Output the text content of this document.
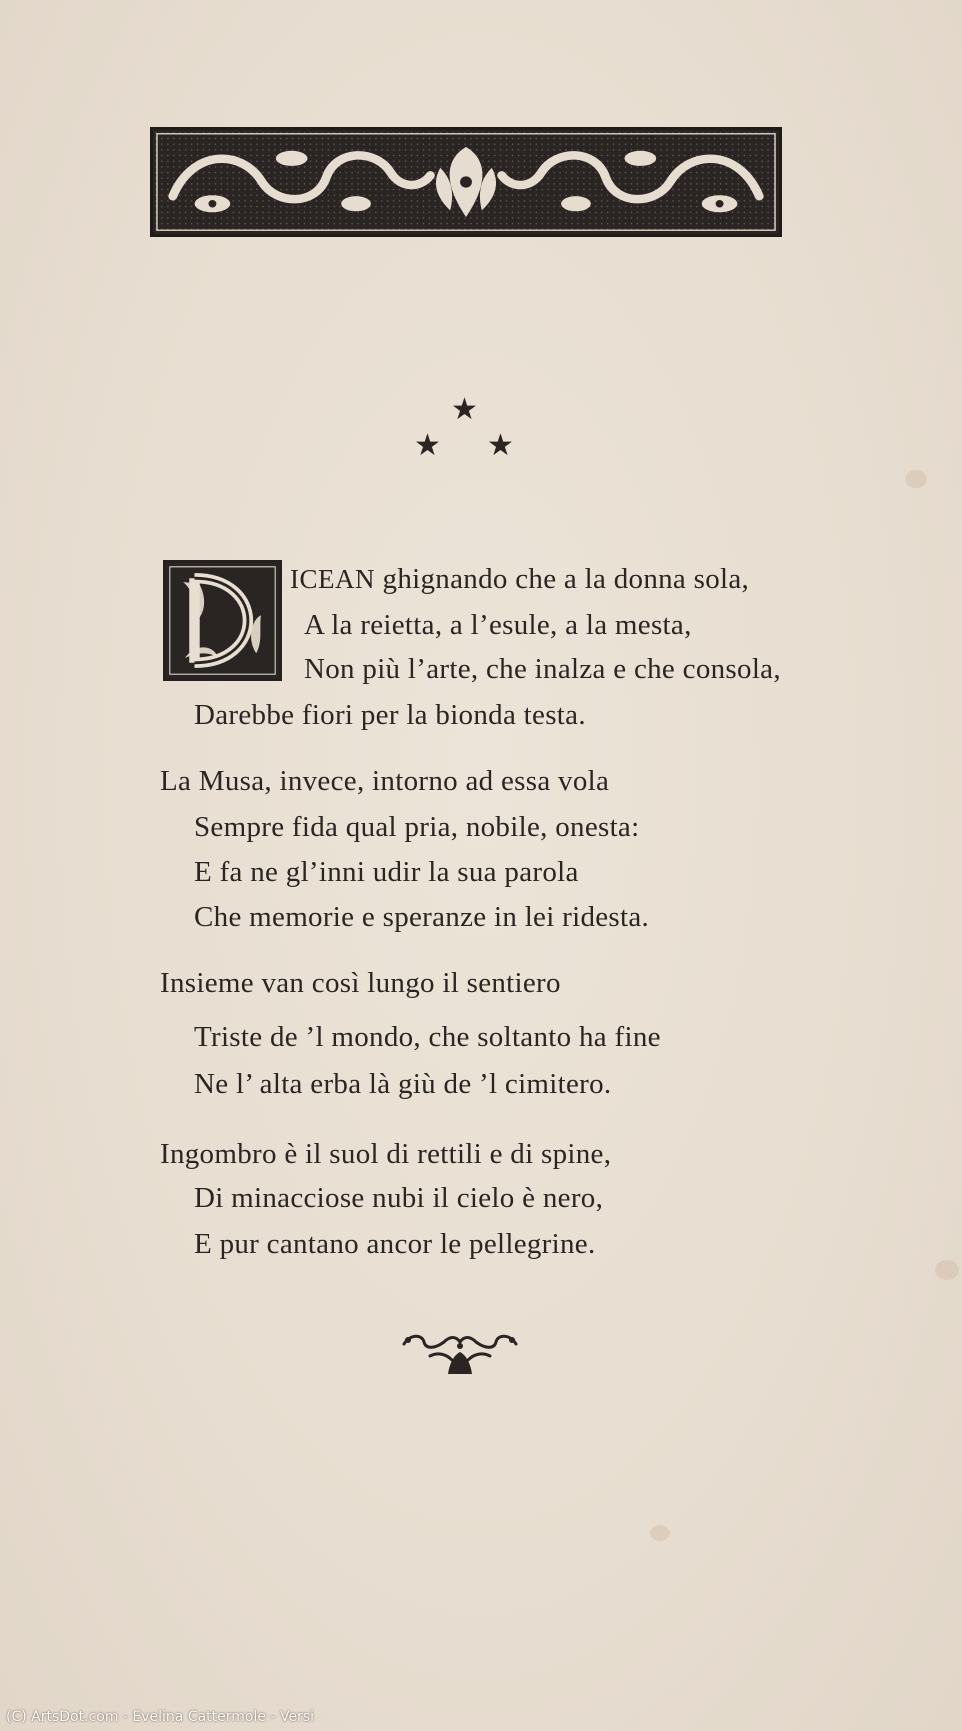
★
★ ★
ICEAN ghignando che a la donna sola,
A la reietta, a l’esule, a la mesta,
Non più l’arte, che inalza e che consola,
Darebbe fiori per la bionda testa.
La Musa, invece, intorno ad essa vola
Sempre fida qual pria, nobile, onesta:
E fa ne gl’inni udir la sua parola
Che memorie e speranze in lei ridesta.
Insieme van così lungo il sentiero
Triste de ’l mondo, che soltanto ha fine
Ne l’ alta erba là giù de ’l cimitero.
Ingombro è il suol di rettili e di spine,
Di minacciose nubi il cielo è nero,
E pur cantano ancor le pellegrine.
(C) ArtsDot.com - Evelina Cattermole - Versi
